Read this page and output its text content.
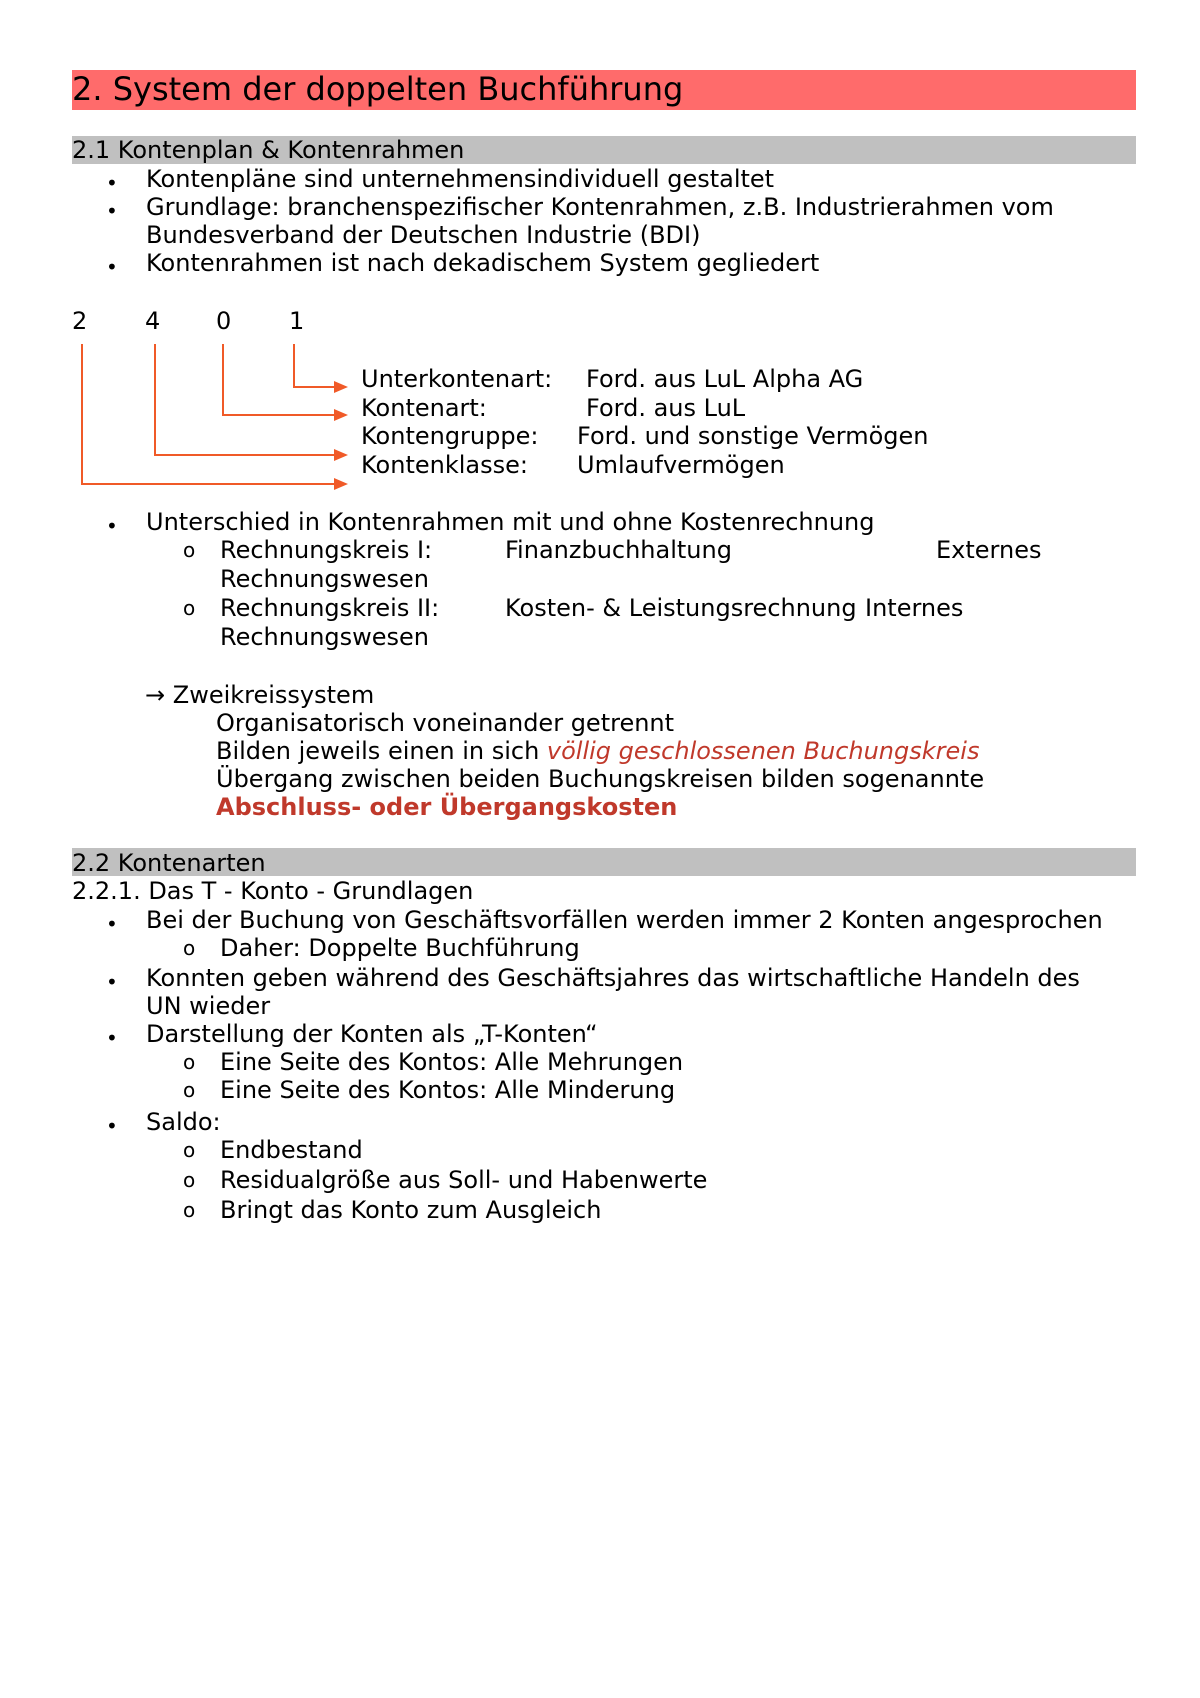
2. System der doppelten Buchführung
2.1 Kontenplan & Kontenrahmen
• Kontenpläne sind unternehmensindividuell gestaltet
• Grundlage: branchenspezifischer Kontenrahmen, z.B. Industrierahmen vom
Bundesverband der Deutschen Industrie (BDI)
• Kontenrahmen ist nach dekadischem System gegliedert
2 4 0 1
Unterkontenart: Ford. aus LuL Alpha AG
Kontenart:	Ford. aus LuL
Kontengruppe: Ford. und sonstige Vermögen
Kontenklasse: Umlaufvermögen
• Unterschied in Kontenrahmen mit und ohne Kostenrechnung
o Rechnungskreis I:	Finanzbuchhaltung	Externes
Rechnungswesen
o Rechnungskreis II:	Kosten- & Leistungsrechnung Internes
Rechnungswesen
→ Zweikreissystem
Organisatorisch voneinander getrennt
Bilden jeweils einen in sich völlig geschlossenen Buchungskreis
Übergang zwischen beiden Buchungskreisen bilden sogenannte
Abschluss- oder Übergangskosten
2.2 Kontenarten
2.2.1. Das T - Konto - Grundlagen
• Bei der Buchung von Geschäftsvorfällen werden immer 2 Konten angesprochen
o Daher: Doppelte Buchführung
• Konnten geben während des Geschäftsjahres das wirtschaftliche Handeln des
UN wieder
• Darstellung der Konten als „T-Konten“
o Eine Seite des Kontos: Alle Mehrungen
o Eine Seite des Kontos: Alle Minderung
• Saldo:
o Endbestand
o Residualgröße aus Soll- und Habenwerte
o Bringt das Konto zum Ausgleich
